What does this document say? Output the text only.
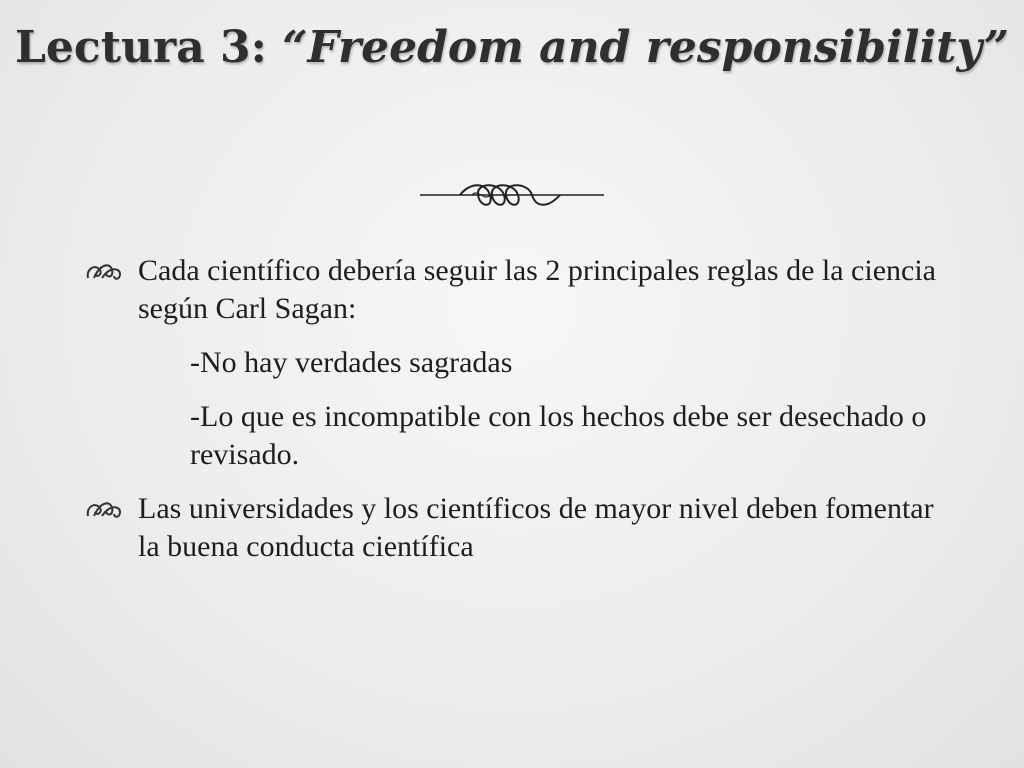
Lectura 3: “Freedom and responsibility”
Cada científico debería seguir las 2 principales reglas de la ciencia según Carl Sagan:
-No hay verdades sagradas
-Lo que es incompatible con los hechos debe ser desechado o revisado.
Las universidades y los científicos de mayor nivel deben fomentar la buena conducta científica
